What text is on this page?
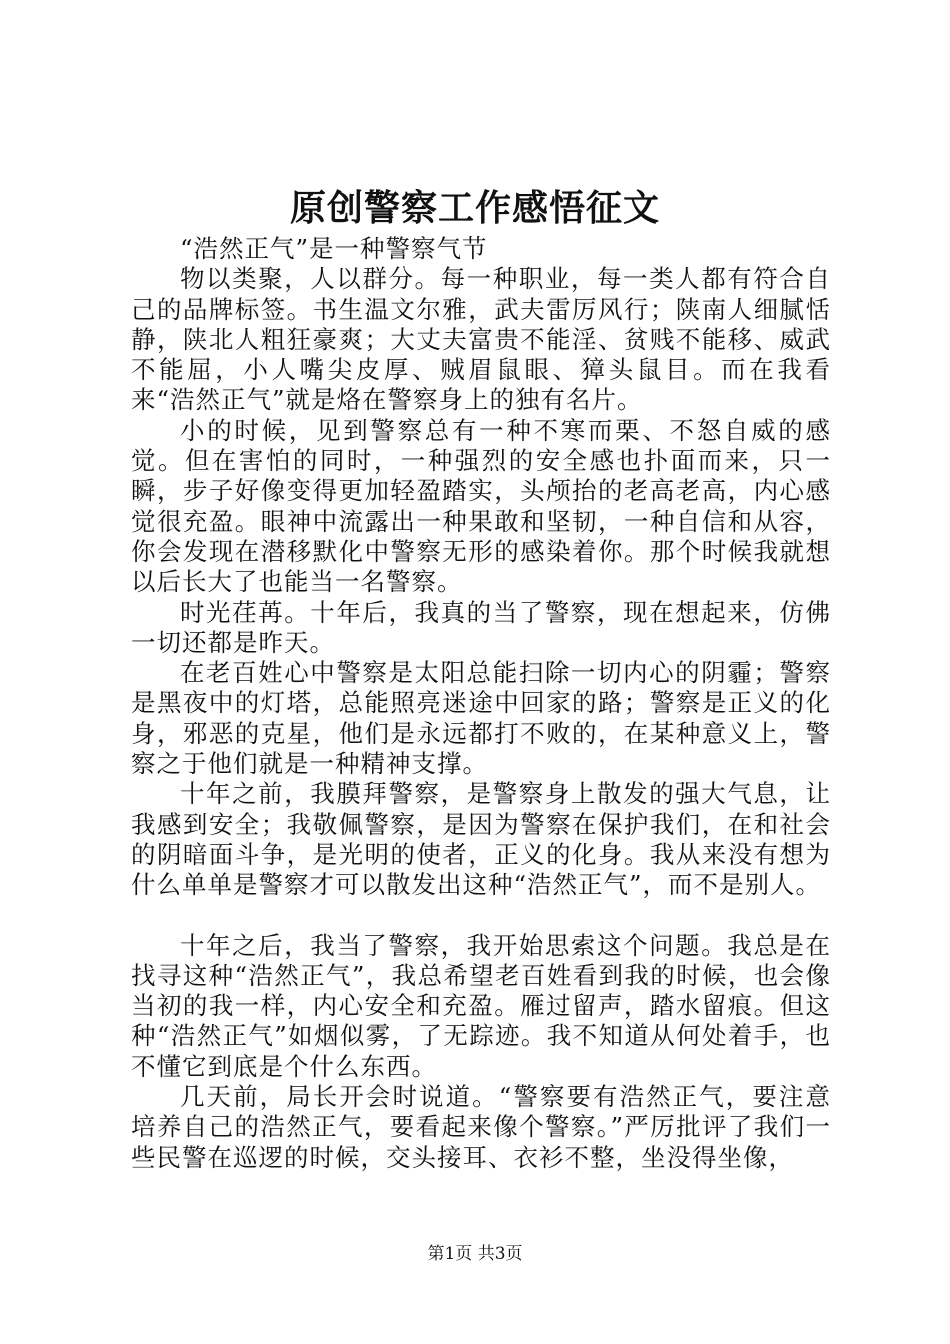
原创警察工作感悟征文

“浩然正气”是一种警察气节

物以类聚，人以群分。每一种职业，每一类人都有符合自己的品牌标签。书生温文尔雅，武夫雷厉风行；陕南人细腻恬静，陕北人粗狂豪爽；大丈夫富贵不能淫、贫贱不能移、威武不能屈，小人嘴尖皮厚、贼眉鼠眼、獐头鼠目。而在我看来“浩然正气”就是烙在警察身上的独有名片。

小的时候，见到警察总有一种不寒而栗、不怒自威的感觉。但在害怕的同时，一种强烈的安全感也扑面而来，只一瞬，步子好像变得更加轻盈踏实，头颅抬的老高老高，内心感觉很充盈。眼神中流露出一种果敢和坚韧，一种自信和从容，你会发现在潜移默化中警察无形的感染着你。那个时候我就想以后长大了也能当一名警察。

时光荏苒。十年后，我真的当了警察，现在想起来，仿佛一切还都是昨天。

在老百姓心中警察是太阳总能扫除一切内心的阴霾；警察是黑夜中的灯塔，总能照亮迷途中回家的路；警察是正义的化身，邪恶的克星，他们是永远都打不败的，在某种意义上，警察之于他们就是一种精神支撑。

十年之前，我膜拜警察，是警察身上散发的强大气息，让我感到安全；我敬佩警察，是因为警察在保护我们，在和社会的阴暗面斗争，是光明的使者，正义的化身。我从来没有想为什么单单是警察才可以散发出这种“浩然正气”，而不是别人。

十年之后，我当了警察，我开始思索这个问题。我总是在找寻这种“浩然正气”，我总希望老百姓看到我的时候，也会像当初的我一样，内心安全和充盈。雁过留声，踏水留痕。但这种“浩然正气”如烟似雾，了无踪迹。我不知道从何处着手，也不懂它到底是个什么东西。

几天前，局长开会时说道。“警察要有浩然正气，要注意培养自己的浩然正气，要看起来像个警察。”严厉批评了我们一些民警在巡逻的时候，交头接耳、衣衫不整，坐没得坐像，

第1页 共3页
